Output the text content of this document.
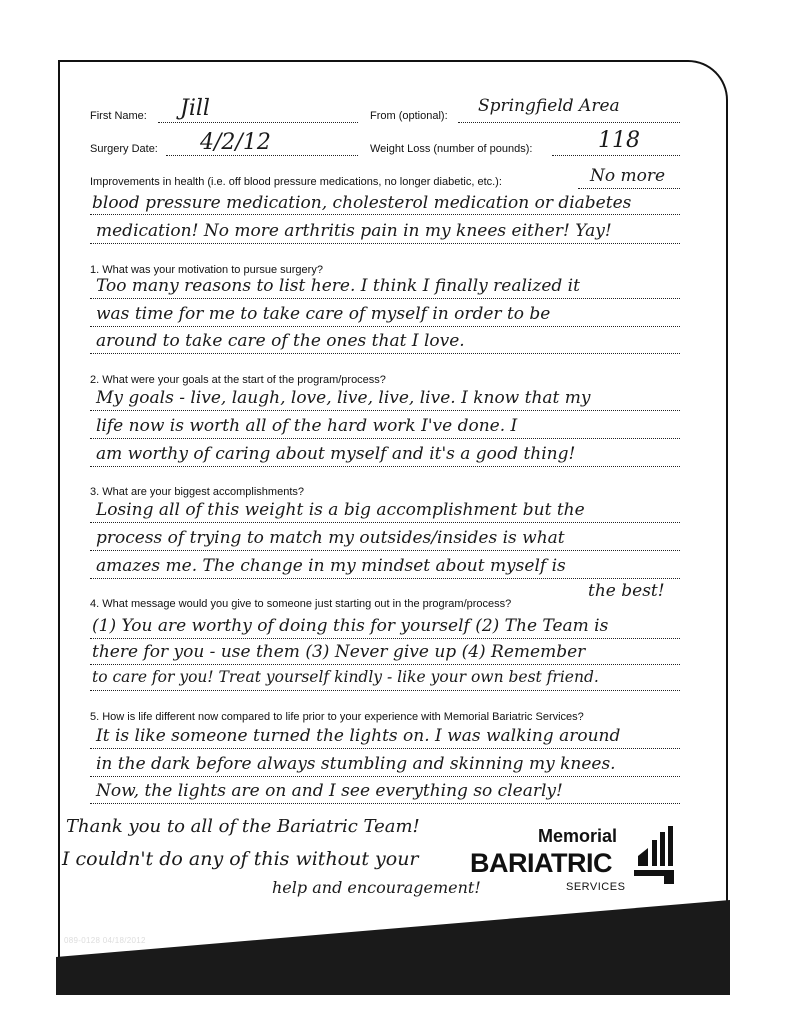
First Name: Jill	From (optional): Springfield Area
Surgery Date: 4/2/12	Weight Loss (number of pounds):	118
Improvements in health (i.e. off blood pressure medications, no longer diabetic, etc.):	No more
blood pressure medication, cholesterol medication or diabetes
medication! No more arthritis pain in my knees either! Yay!
1. What was your motivation to pursue surgery?
Too many reasons to list here. I think I finally realized it
was time for me to take care of myself in order to be
around to take care of the ones that I love.
2. What were your goals at the start of the program/process?
My goals - live, laugh, love, live, live, live. I know that my
life now is worth all of the hard work I've done. I
am worthy of caring about myself and it's a good thing!
3. What are your biggest accomplishments?
Losing all of this weight is a big accomplishment but the
process of trying to match my outsides/insides is what
amazes me. The change in my mindset about myself is
the best!
4. What message would you give to someone just starting out in the program/process?
(1) You are worthy of doing this for yourself (2) The Team is
there for you - use them (3) Never give up (4) Remember
to care for you! Treat yourself kindly - like your own best friend.
5. How is life different now compared to life prior to your experience with Memorial Bariatric Services?
It is like someone turned the lights on. I was walking around
in the dark before always stumbling and skinning my knees.
Now, the lights are on and I see everything so clearly!
Thank you to all of the Bariatric Team!
I couldn't do any of this without your
help and encouragement!
Memorial
BARIATRIC
SERVICES
089-0128 04/18/2012
